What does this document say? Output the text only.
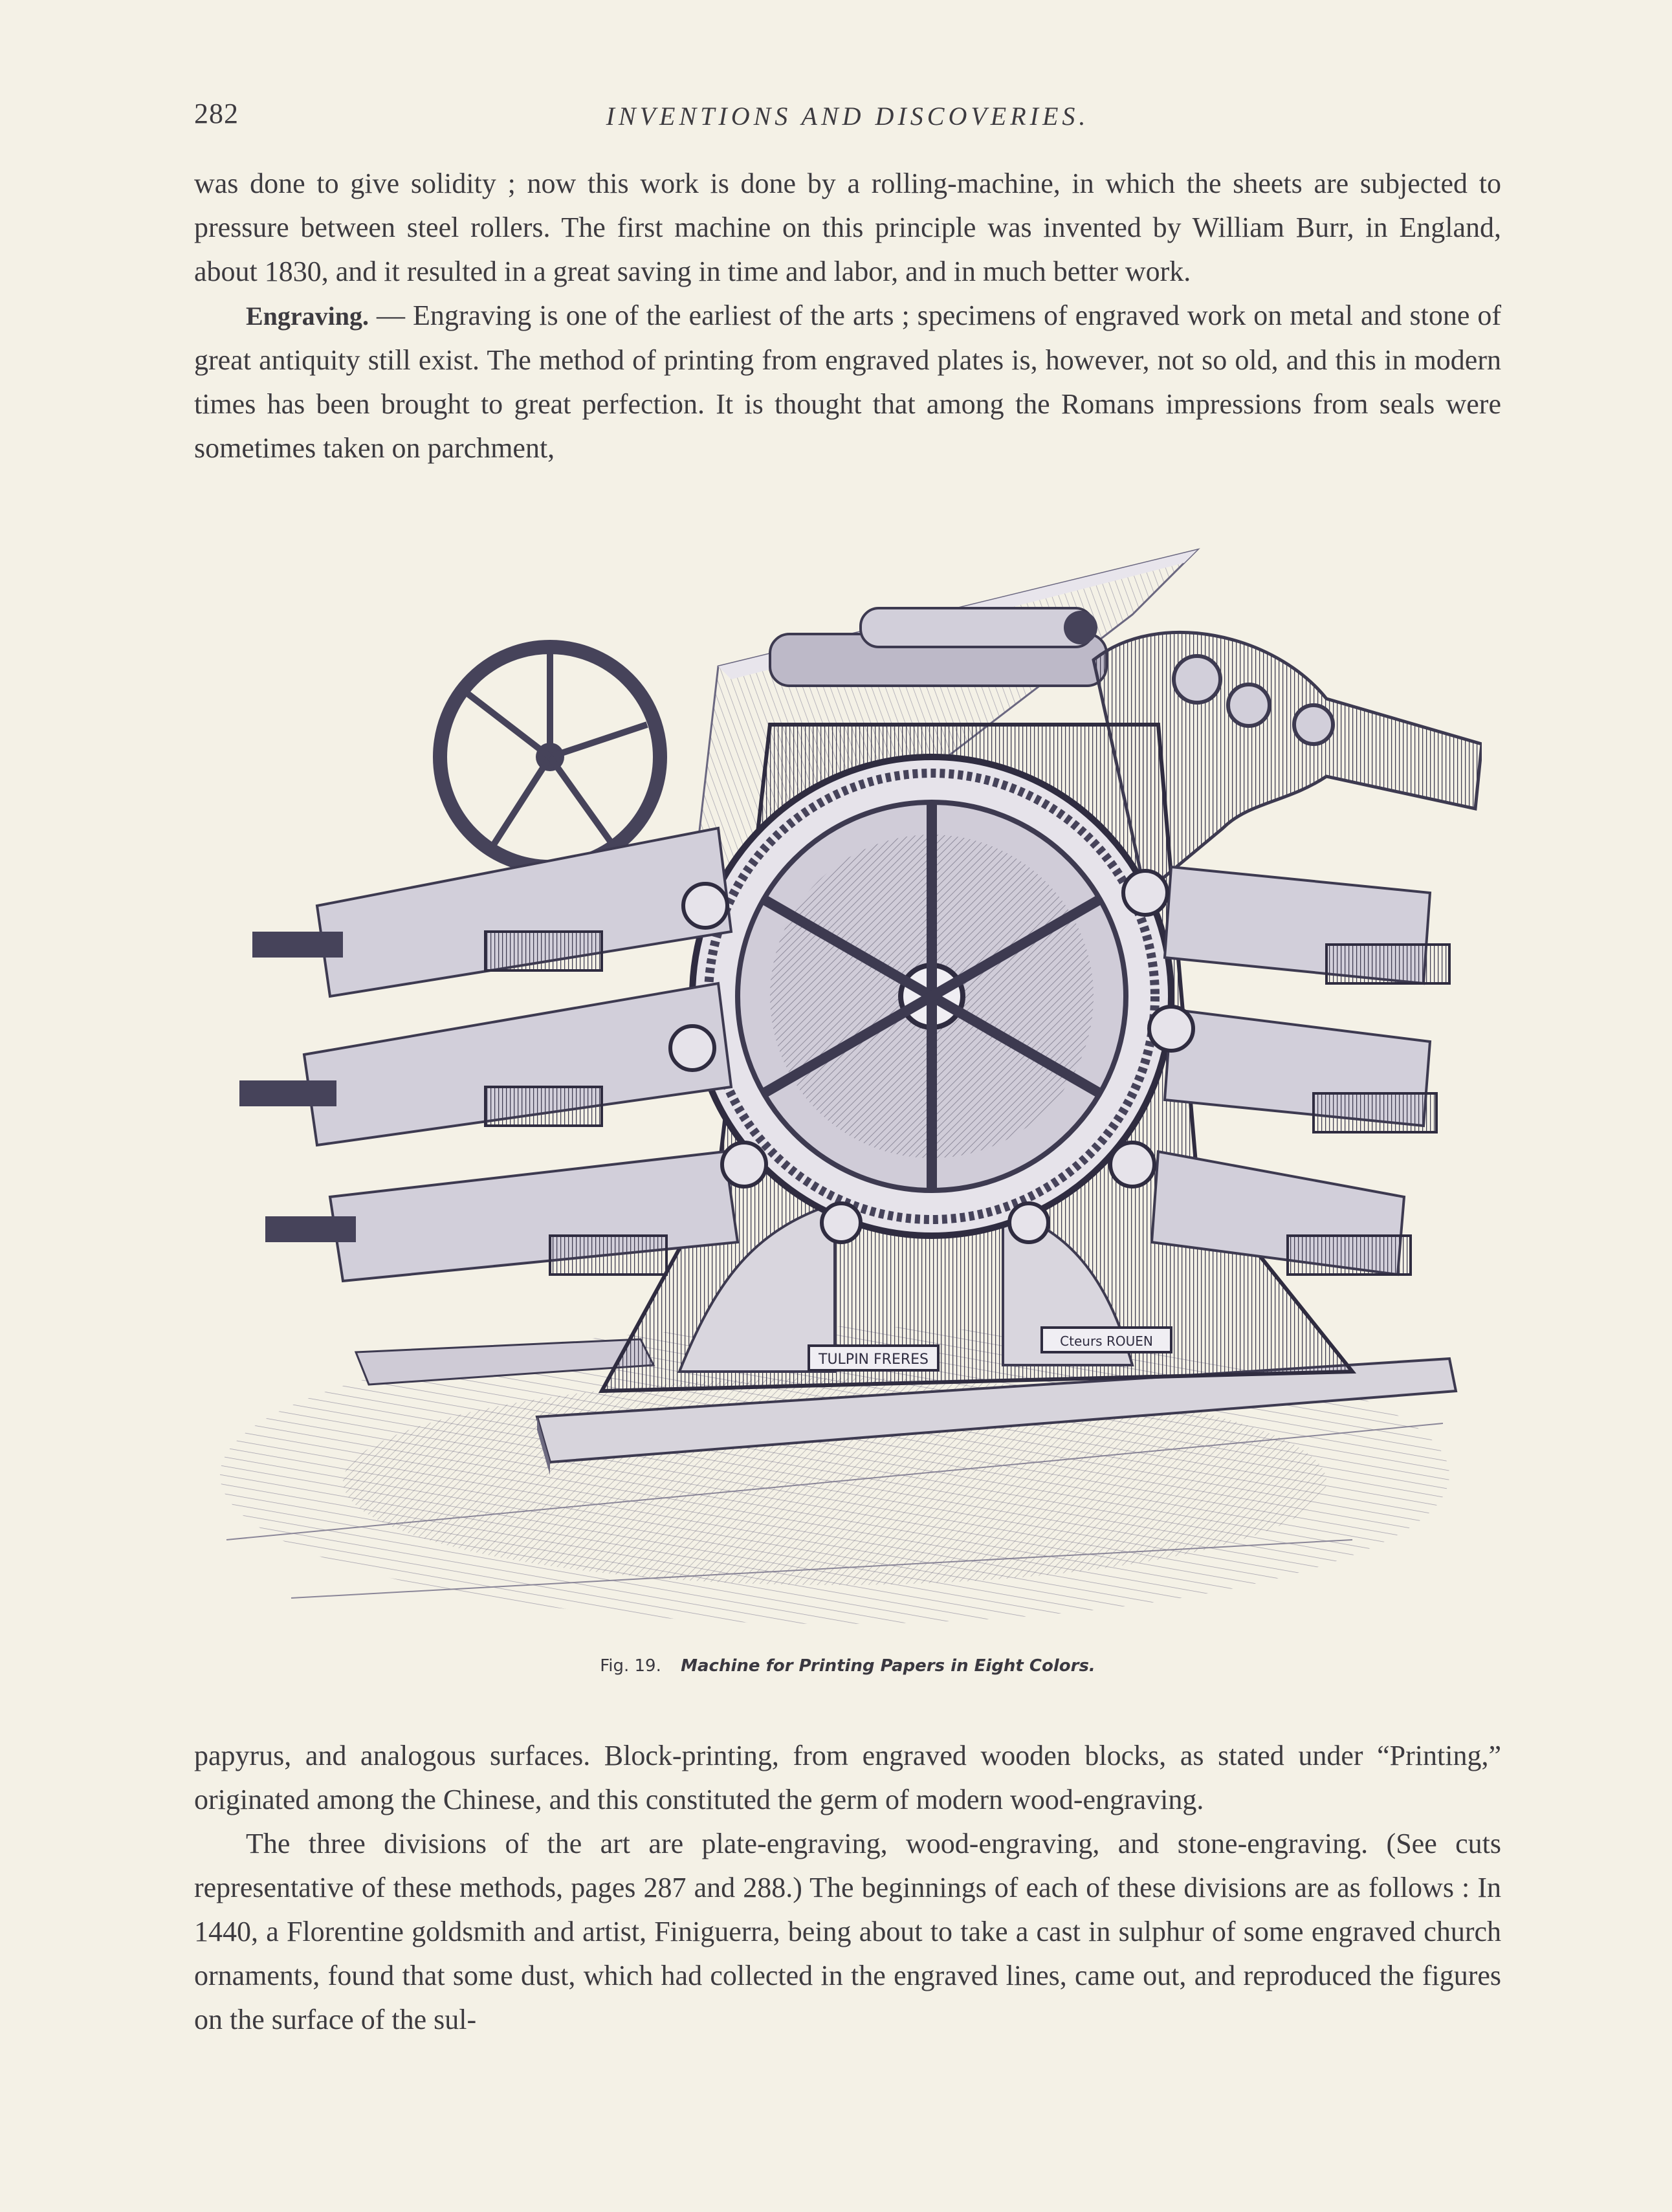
282	INVENTIONS AND DISCOVERIES.

was done to give solidity ; now this work is done by a rolling-machine, in which the sheets are subjected to pressure between steel rollers. The first machine on this principle was invented by William Burr, in England, about 1830, and it resulted in a great saving in time and labor, and in much better work.

Engraving. — Engraving is one of the earliest of the arts ; specimens of engraved work on metal and stone of great antiquity still exist. The method of printing from engraved plates is, however, not so old, and this in modern times has been brought to great perfection. It is thought that among the Romans impressions from seals were sometimes taken on parchment,

TULPIN FRERES
Cteurs ROUEN
Fig. 19. Machine for Printing Papers in Eight Colors.

papyrus, and analogous surfaces. Block-printing, from engraved wooden blocks, as stated under “Printing,” originated among the Chinese, and this constituted the germ of modern wood-engraving.

The three divisions of the art are plate-engraving, wood-engraving, and stone-engraving. (See cuts representative of these methods, pages 287 and 288.) The beginnings of each of these divisions are as follows : In 1440, a Florentine goldsmith and artist, Finiguerra, being about to take a cast in sulphur of some engraved church ornaments, found that some dust, which had collected in the engraved lines, came out, and reproduced the figures on the surface of the sul-
